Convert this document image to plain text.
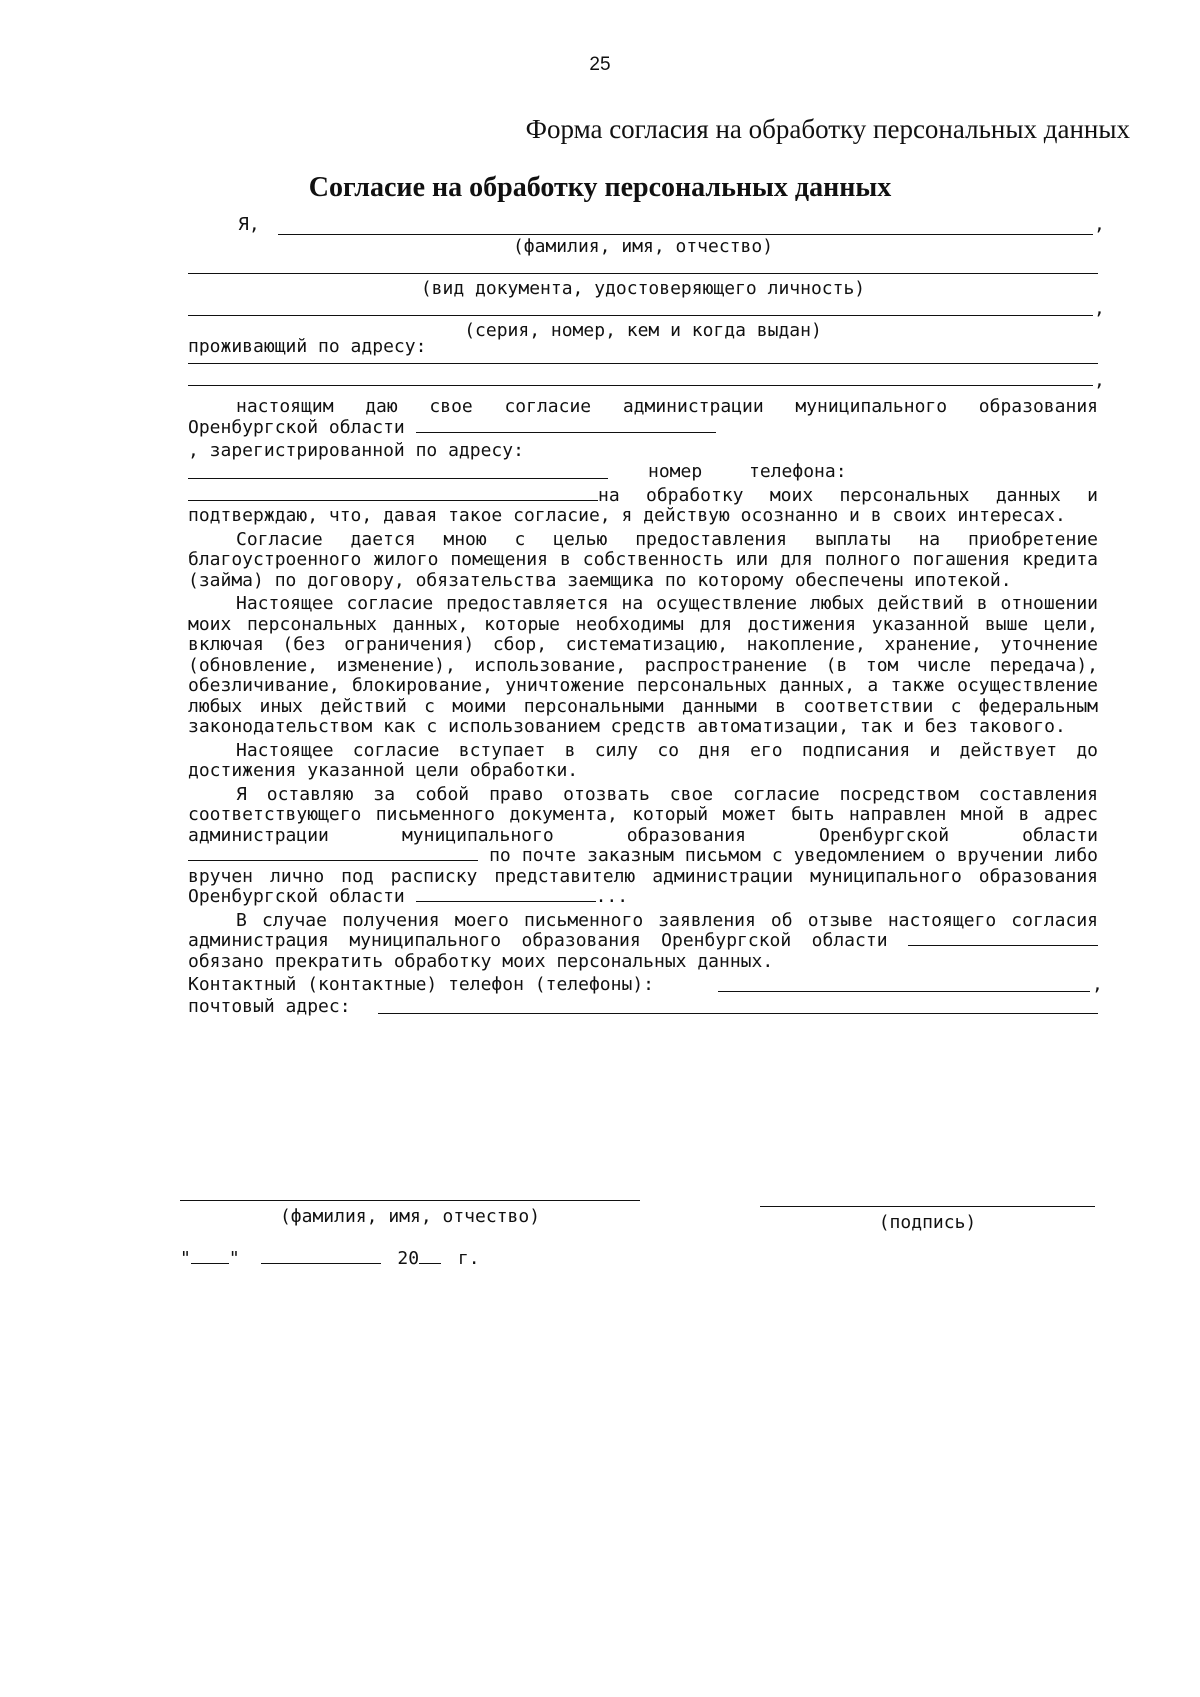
25
Форма согласия на обработку персональных данных
Согласие на обработку персональных данных
Я,	,
(фамилия, имя, отчество)
(вид документа, удостоверяющего личность)
,
(серия, номер, кем и когда выдан)
проживающий по адресу:
,
настоящим даю свое согласие администрации муниципального образования Оренбургской области
, зарегистрированной по адресу:
номер телефона:
на обработку моих персональных данных и подтверждаю, что, давая такое согласие, я действую осознанно и в своих интересах.
Согласие дается мною с целью предоставления выплаты на приобретение благоустроенного жилого помещения в собственность или для полного погашения кредита (займа) по договору, обязательства заемщика по которому обеспечены ипотекой.
Настоящее согласие предоставляется на осуществление любых действий в отношении моих персональных данных, которые необходимы для достижения указанной выше цели, включая (без ограничения) сбор, систематизацию, накопление, хранение, уточнение (обновление, изменение), использование, распространение (в том числе передача), обезличивание, блокирование, уничтожение персональных данных, а также осуществление любых иных действий с моими персональными данными в соответствии с федеральным законодательством как с использованием средств автоматизации, так и без такового.
Настоящее согласие вступает в силу со дня его подписания и действует до достижения указанной цели обработки.
Я оставляю за собой право отозвать свое согласие посредством составления соответствующего письменного документа, который может быть направлен мной в адрес администрации муниципального образования Оренбургской области  по почте заказным письмом с уведомлением о вручении либо вручен лично под расписку представителю администрации муниципального образования Оренбургской области	...
В случае получения моего письменного заявления об отзыве настоящего согласия администрация муниципального образования Оренбургской области  обязано прекратить обработку моих персональных данных.
Контактный (контактные) телефон (телефоны):	,
почтовый адрес:
(фамилия, имя, отчество)	(подпись)
" "	20 г.
